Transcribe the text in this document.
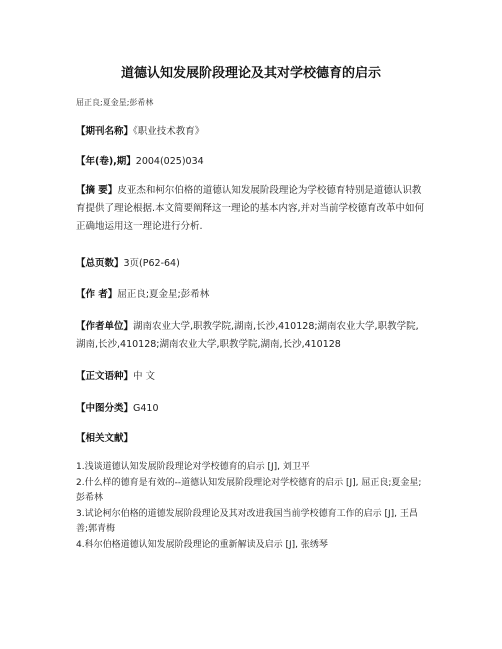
道德认知发展阶段理论及其对学校德育的启示
屈正良;夏金星;彭希林
【期刊名称】《职业技术教育》
【年(卷),期】2004(025)034
【摘 要】皮亚杰和柯尔伯格的道德认知发展阶段理论为学校德育特别是道德认识教育提供了理论根据.本文简要阐释这一理论的基本内容,并对当前学校德育改革中如何正确地运用这一理论进行分析.
【总页数】3页(P62-64)
【作 者】屈正良;夏金星;彭希林
【作者单位】湖南农业大学,职教学院,湖南,长沙,410128;湖南农业大学,职教学院,湖南,长沙,410128;湖南农业大学,职教学院,湖南,长沙,410128
【正文语种】中 文
【中图分类】G410
【相关文献】
1.浅谈道德认知发展阶段理论对学校德育的启示 [J], 刘卫平
2.什么样的德育是有效的--道德认知发展阶段理论对学校德育的启示 [J], 屈正良;夏金星;彭希林
3.试论柯尔伯格的道德发展阶段理论及其对改进我国当前学校德育工作的启示 [J], 王昌善;郭青梅
4.科尔伯格道德认知发展阶段理论的重新解读及启示 [J], 张绣琴
